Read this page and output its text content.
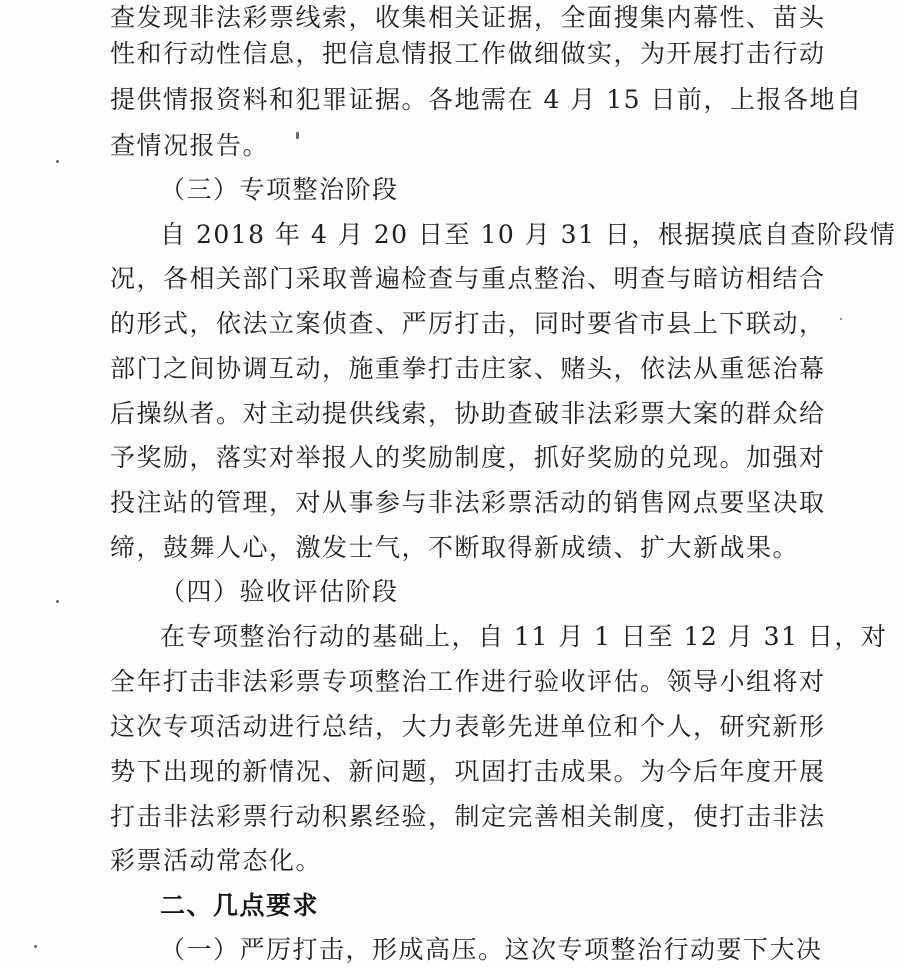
查发现非法彩票线索，收集相关证据，全面搜集内幕性、苗头
性和行动性信息，把信息情报工作做细做实，为开展打击行动
提供情报资料和犯罪证据。各地需在 4 月 15 日前，上报各地自
查情况报告。
（三）专项整治阶段
自 2018 年 4 月 20 日至 10 月 31 日，根据摸底自查阶段情
况，各相关部门采取普遍检查与重点整治、明查与暗访相结合
的形式，依法立案侦查、严厉打击，同时要省市县上下联动，
部门之间协调互动，施重拳打击庄家、赌头，依法从重惩治幕
后操纵者。对主动提供线索，协助查破非法彩票大案的群众给
予奖励，落实对举报人的奖励制度，抓好奖励的兑现。加强对
投注站的管理，对从事参与非法彩票活动的销售网点要坚决取
缔，鼓舞人心，激发士气，不断取得新成绩、扩大新战果。
（四）验收评估阶段
在专项整治行动的基础上，自 11 月 1 日至 12 月 31 日，对
全年打击非法彩票专项整治工作进行验收评估。领导小组将对
这次专项活动进行总结，大力表彰先进单位和个人，研究新形
势下出现的新情况、新问题，巩固打击成果。为今后年度开展
打击非法彩票行动积累经验，制定完善相关制度，使打击非法
彩票活动常态化。
二、几点要求
（一）严厉打击，形成高压。这次专项整治行动要下大决
